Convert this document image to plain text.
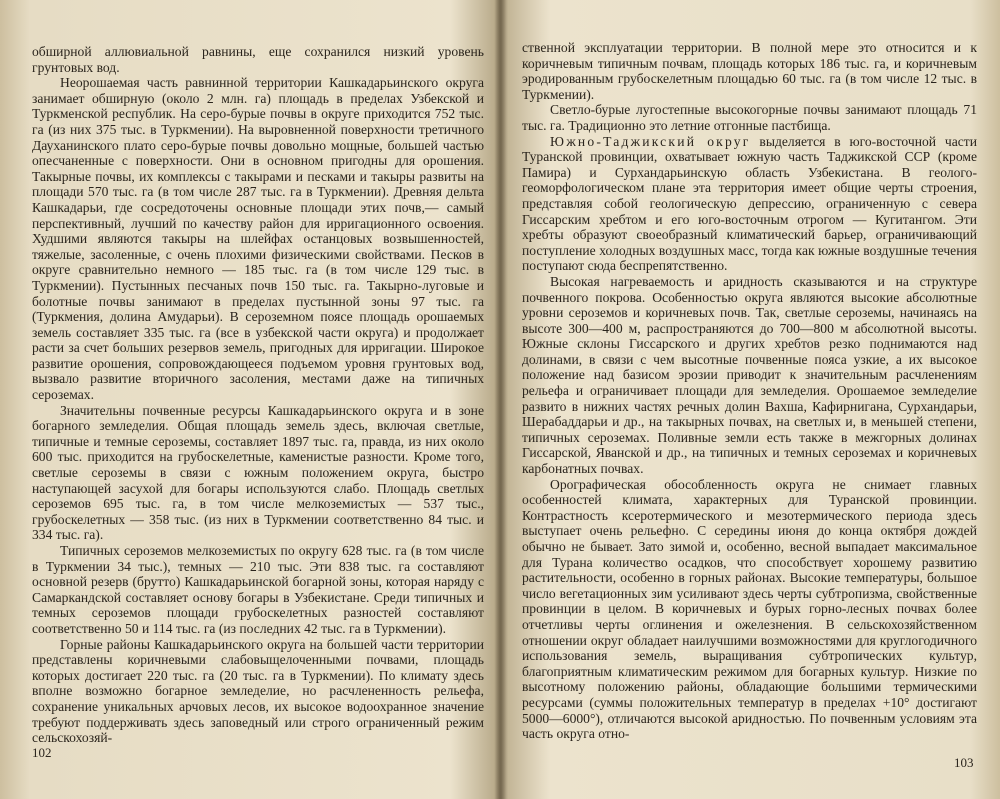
обширной аллювиальной равнины, еще сохранился низкий уровень грунтовых вод.

Неорошаемая часть равнинной территории Кашкадарьинского округа занимает обширную (около 2 млн. га) площадь в пределах Узбекской и Туркменской республик. На серо-бурые почвы в округе приходится 752 тыс. га (из них 375 тыс. в Туркмении). На выровненной поверхности третичного Дауханинского плато серо-бурые почвы довольно мощные, большей частью опесчаненные с поверхности. Они в основном пригодны для орошения. Такырные почвы, их комплексы с такырами и песками и такыры развиты на площади 570 тыс. га (в том числе 287 тыс. га в Туркмении). Древняя дельта Кашкадарьи, где сосредоточены основные площади этих почв,— самый перспективный, лучший по качеству район для ирригационного освоения. Худшими являются такыры на шлейфах останцовых возвышенностей, тяжелые, засоленные, с очень плохими физическими свойствами. Песков в округе сравнительно немного — 185 тыс. га (в том числе 129 тыс. в Туркмении). Пустынных песчаных почв 150 тыс. га. Такырно-луговые и болотные почвы занимают в пределах пустынной зоны 97 тыс. га (Туркмения, долина Амударьи). В сероземном поясе площадь орошаемых земель составляет 335 тыс. га (все в узбекской части округа) и продолжает расти за счет больших резервов земель, пригодных для ирригации. Широкое развитие орошения, сопровождающееся подъемом уровня грунтовых вод, вызвало развитие вторичного засоления, местами даже на типичных сероземах.

Значительны почвенные ресурсы Кашкадарьинского округа и в зоне богарного земледелия. Общая площадь земель здесь, включая светлые, типичные и темные сероземы, составляет 1897 тыс. га, правда, из них около 600 тыс. приходится на грубоскелетные, каменистые разности. Кроме того, светлые сероземы в связи с южным положением округа, быстро наступающей засухой для богары используются слабо. Площадь светлых сероземов 695 тыс. га, в том числе мелкоземистых — 537 тыс., грубоскелетных — 358 тыс. (из них в Туркмении соответственно 84 тыс. и 334 тыс. га).

Типичных сероземов мелкоземистых по округу 628 тыс. га (в том числе в Туркмении 34 тыс.), темных — 210 тыс. Эти 838 тыс. га составляют основной резерв (брутто) Кашкадарьинской богарной зоны, которая наряду с Самаркандской составляет основу богары в Узбекистане. Среди типичных и темных сероземов площади грубоскелетных разностей составляют соответственно 50 и 114 тыс. га (из последних 42 тыс. га в Туркмении).

Горные районы Кашкадарьинского округа на большей части территории представлены коричневыми слабовыщелоченными почвами, площадь которых достигает 220 тыс. га (20 тыс. га в Туркмении). По климату здесь вполне возможно богарное земледелие, но расчлененность рельефа, сохранение уникальных арчовых лесов, их высокое водоохранное значение требуют поддерживать здесь заповедный или строго ограниченный режим сельскохозяй-

102

ственной эксплуатации территории. В полной мере это относится и к коричневым типичным почвам, площадь которых 186 тыс. га, и коричневым эродированным грубоскелетным площадью 60 тыс. га (в том числе 12 тыс. в Туркмении).

Светло-бурые лугостепные высокогорные почвы занимают площадь 71 тыс. га. Традиционно это летние отгонные пастбища.

Южно-Таджикский округ выделяется в юго-восточной части Туранской провинции, охватывает южную часть Таджикской ССР (кроме Памира) и Сурхандарьинскую область Узбекистана. В геолого-геоморфологическом плане эта территория имеет общие черты строения, представляя собой геологическую депрессию, ограниченную с севера Гиссарским хребтом и его юго-восточным отрогом — Кугитангом. Эти хребты образуют своеобразный климатический барьер, ограничивающий поступление холодных воздушных масс, тогда как южные воздушные течения поступают сюда беспрепятственно.

Высокая нагреваемость и аридность сказываются и на структуре почвенного покрова. Особенностью округа являются высокие абсолютные уровни сероземов и коричневых почв. Так, светлые сероземы, начинаясь на высоте 300—400 м, распространяются до 700—800 м абсолютной высоты. Южные склоны Гиссарского и других хребтов резко поднимаются над долинами, в связи с чем высотные почвенные пояса узкие, а их высокое положение над базисом эрозии приводит к значительным расчленениям рельефа и ограничивает площади для земледелия. Орошаемое земледелие развито в нижних частях речных долин Вахша, Кафирнигана, Сурхандарьи, Шерабаддарьи и др., на такырных почвах, на светлых и, в меньшей степени, типичных сероземах. Поливные земли есть также в межгорных долинах Гиссарской, Яванской и др., на типичных и темных сероземах и коричневых карбонатных почвах.

Орографическая обособленность округа не снимает главных особенностей климата, характерных для Туранской провинции. Контрастность ксеротермического и мезотермического периода здесь выступает очень рельефно. С середины июня до конца октября дождей обычно не бывает. Зато зимой и, особенно, весной выпадает максимальное для Турана количество осадков, что способствует хорошему развитию растительности, особенно в горных районах. Высокие температуры, большое число вегетационных зим усиливают здесь черты субтропизма, свойственные провинции в целом. В коричневых и бурых горно-лесных почвах более отчетливы черты оглинения и ожелезнения. В сельскохозяйственном отношении округ обладает наилучшими возможностями для круглогодичного использования земель, выращивания субтропических культур, благоприятным климатическим режимом для богарных культур. Низкие по высотному положению районы, обладающие большими термическими ресурсами (суммы положительных температур в пределах +10° достигают 5000—6000°), отличаются высокой аридностью. По почвенным условиям эта часть округа отно-

103
